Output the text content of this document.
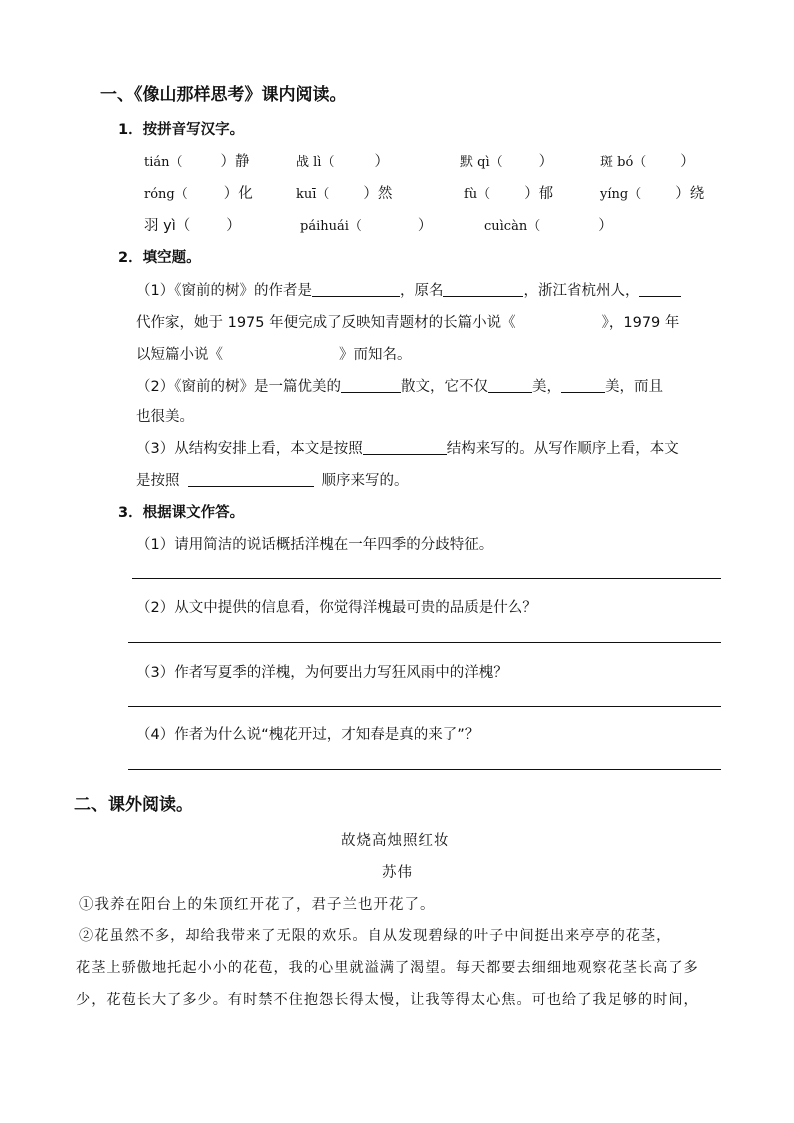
一、《像山那样思考》课内阅读。
1．按拼音写汉字。
tián（	）静	战 lì（	）	默 qì（ ）	斑 bó（ ）
róng（ ）化	kuī（ ）然	fù（ ）郁	yíng（ ）绕
羽 yì（ ）	páihuái（	）	cuìcàn（	）
2．填空题。
（1）《窗前的树》的作者是	，原名	，浙江省杭州人，
代作家，她于 1975 年便完成了反映知青题材的长篇小说《	》，1979 年
以短篇小说《	》而知名。
（2）《窗前的树》是一篇优美的	散文，它不仅	美，	美，而且
也很美。
（3）从结构安排上看，本文是按照	结构来写的。从写作顺序上看，本文
是按照	顺序来写的。
3．根据课文作答。
（1）请用简洁的说话概括洋槐在一年四季的分歧特征。
（2）从文中提供的信息看，你觉得洋槐最可贵的品质是什么？
（3）作者写夏季的洋槐，为何要出力写狂风雨中的洋槐？
（4）作者为什么说“槐花开过，才知春是真的来了”？
二、课外阅读。
故烧高烛照红妆
苏伟
①我养在阳台上的朱顶红开花了，君子兰也开花了。
②花虽然不多，却给我带来了无限的欢乐。自从发现碧绿的叶子中间挺出来亭亭的花茎，
花茎上骄傲地托起小小的花苞，我的心里就溢满了渴望。每天都要去细细地观察花茎长高了多
少，花苞长大了多少。有时禁不住抱怨长得太慢，让我等得太心焦。可也给了我足够的时间，
